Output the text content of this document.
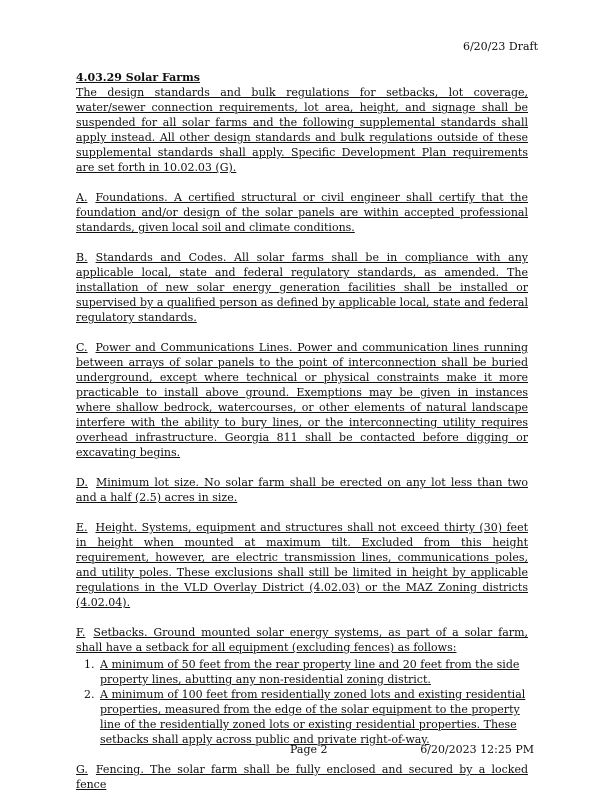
6/20/23 Draft
4.03.29 Solar Farms

The design standards and bulk regulations for setbacks, lot coverage, water/sewer connection requirements, lot area, height, and signage shall be suspended for all solar farms and the following supplemental standards shall apply instead. All other design standards and bulk regulations outside of these supplemental standards shall apply. Specific Development Plan requirements are set forth in 10.02.03 (G).

A. Foundations. A certified structural or civil engineer shall certify that the foundation and/or design of the solar panels are within accepted professional standards, given local soil and climate conditions.

B. Standards and Codes. All solar farms shall be in compliance with any applicable local, state and federal regulatory standards, as amended. The installation of new solar energy generation facilities shall be installed or supervised by a qualified person as defined by applicable local, state and federal regulatory standards.

C. Power and Communications Lines. Power and communication lines running between arrays of solar panels to the point of interconnection shall be buried underground, except where technical or physical constraints make it more practicable to install above ground. Exemptions may be given in instances where shallow bedrock, watercourses, or other elements of natural landscape interfere with the ability to bury lines, or the interconnecting utility requires overhead infrastructure. Georgia 811 shall be contacted before digging or excavating begins.

D. Minimum lot size. No solar farm shall be erected on any lot less than two and a half (2.5) acres in size.

E. Height. Systems, equipment and structures shall not exceed thirty (30) feet in height when mounted at maximum tilt. Excluded from this height requirement, however, are electric transmission lines, communications poles, and utility poles. These exclusions shall still be limited in height by applicable regulations in the VLD Overlay District (4.02.03) or the MAZ Zoning districts (4.02.04).

F. Setbacks. Ground mounted solar energy systems, as part of a solar farm, shall have a setback for all equipment (excluding fences) as follows:

1. A minimum of 50 feet from the rear property line and 20 feet from the side property lines, abutting any non-residential zoning district.
2. A minimum of 100 feet from residentially zoned lots and existing residential properties, measured from the edge of the solar equipment to the property line of the residentially zoned lots or existing residential properties. These setbacks shall apply across public and private right-of-way.

G. Fencing. The solar farm shall be fully enclosed and secured by a locked fence

Page 2	6/20/2023 12:25 PM
